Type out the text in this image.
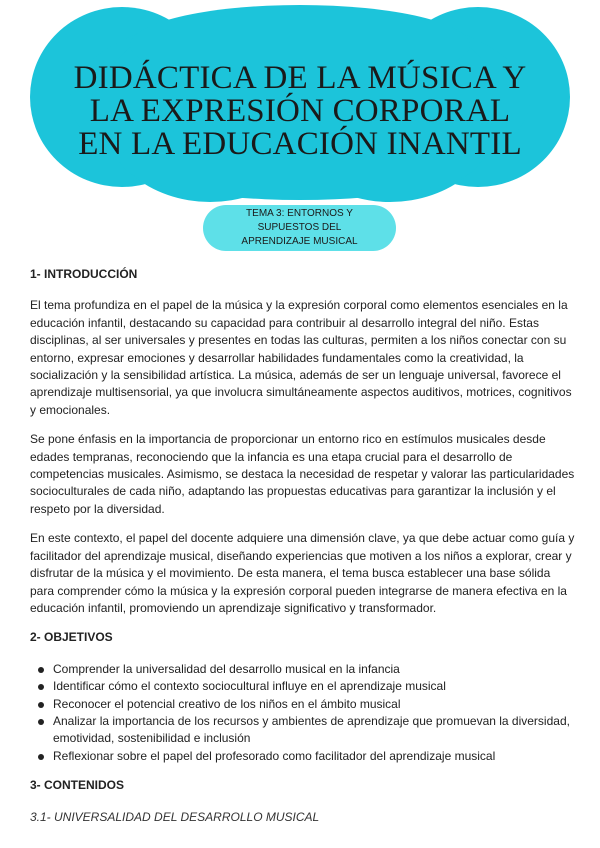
DIDÁCTICA DE LA MÚSICA Y
LA EXPRESIÓN CORPORAL
EN LA EDUCACIÓN INANTIL
TEMA 3: ENTORNOS Y SUPUESTOS DEL
APRENDIZAJE MUSICAL
1- INTRODUCCIÓN

El tema profundiza en el papel de la música y la expresión corporal como elementos esenciales en la educación infantil, destacando su capacidad para contribuir al desarrollo integral del niño. Estas disciplinas, al ser universales y presentes en todas las culturas, permiten a los niños conectar con su entorno, expresar emociones y desarrollar habilidades fundamentales como la creatividad, la socialización y la sensibilidad artística. La música, además de ser un lenguaje universal, favorece el aprendizaje multisensorial, ya que involucra simultáneamente aspectos auditivos, motrices, cognitivos y emocionales.

Se pone énfasis en la importancia de proporcionar un entorno rico en estímulos musicales desde edades tempranas, reconociendo que la infancia es una etapa crucial para el desarrollo de competencias musicales. Asimismo, se destaca la necesidad de respetar y valorar las particularidades socioculturales de cada niño, adaptando las propuestas educativas para garantizar la inclusión y el respeto por la diversidad.

En este contexto, el papel del docente adquiere una dimensión clave, ya que debe actuar como guía y facilitador del aprendizaje musical, diseñando experiencias que motiven a los niños a explorar, crear y disfrutar de la música y el movimiento. De esta manera, el tema busca establecer una base sólida para comprender cómo la música y la expresión corporal pueden integrarse de manera efectiva en la educación infantil, promoviendo un aprendizaje significativo y transformador.

2- OBJETIVOS
Comprender la universalidad del desarrollo musical en la infancia
Identificar cómo el contexto sociocultural influye en el aprendizaje musical
Reconocer el potencial creativo de los niños en el ámbito musical
Analizar la importancia de los recursos y ambientes de aprendizaje que promuevan la diversidad, emotividad, sostenibilidad e inclusión
Reflexionar sobre el papel del profesorado como facilitador del aprendizaje musical
3- CONTENIDOS
3.1- UNIVERSALIDAD DEL DESARROLLO MUSICAL
